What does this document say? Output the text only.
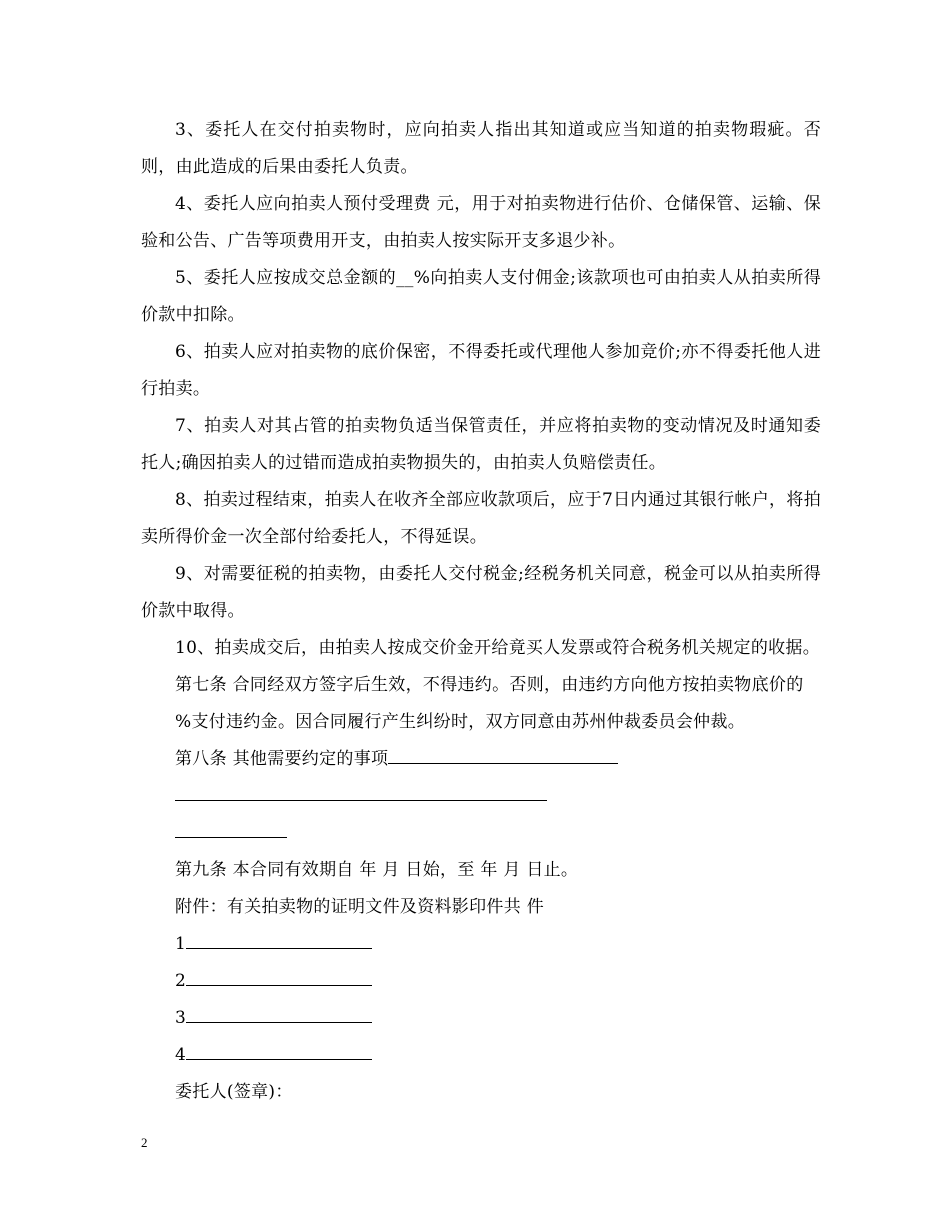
3、委托人在交付拍卖物时，应向拍卖人指出其知道或应当知道的拍卖物瑕疵。否则，由此造成的后果由委托人负责。

4、委托人应向拍卖人预付受理费 元，用于对拍卖物进行估价、仓储保管、运输、保验和公告、广告等项费用开支，由拍卖人按实际开支多退少补。

5、委托人应按成交总金额的__%向拍卖人支付佣金;该款项也可由拍卖人从拍卖所得价款中扣除。

6、拍卖人应对拍卖物的底价保密，不得委托或代理他人参加竞价;亦不得委托他人进行拍卖。

7、拍卖人对其占管的拍卖物负适当保管责任，并应将拍卖物的变动情况及时通知委托人;确因拍卖人的过错而造成拍卖物损失的，由拍卖人负赔偿责任。

8、拍卖过程结束，拍卖人在收齐全部应收款项后，应于7日内通过其银行帐户，将拍卖所得价金一次全部付给委托人，不得延误。

9、对需要征税的拍卖物，由委托人交付税金;经税务机关同意，税金可以从拍卖所得价款中取得。

10、拍卖成交后，由拍卖人按成交价金开给竟买人发票或符合税务机关规定的收据。

第七条 合同经双方签字后生效，不得违约。否则，由违约方向他方按拍卖物底价的

%支付违约金。因合同履行产生纠纷时，双方同意由苏州仲裁委员会仲裁。

第八条 其他需要约定的事项

第九条 本合同有效期自 年 月 日始，至 年 月 日止。

附件：有关拍卖物的证明文件及资料影印件共 件

1

2

3

4

委托人(签章)：

2
